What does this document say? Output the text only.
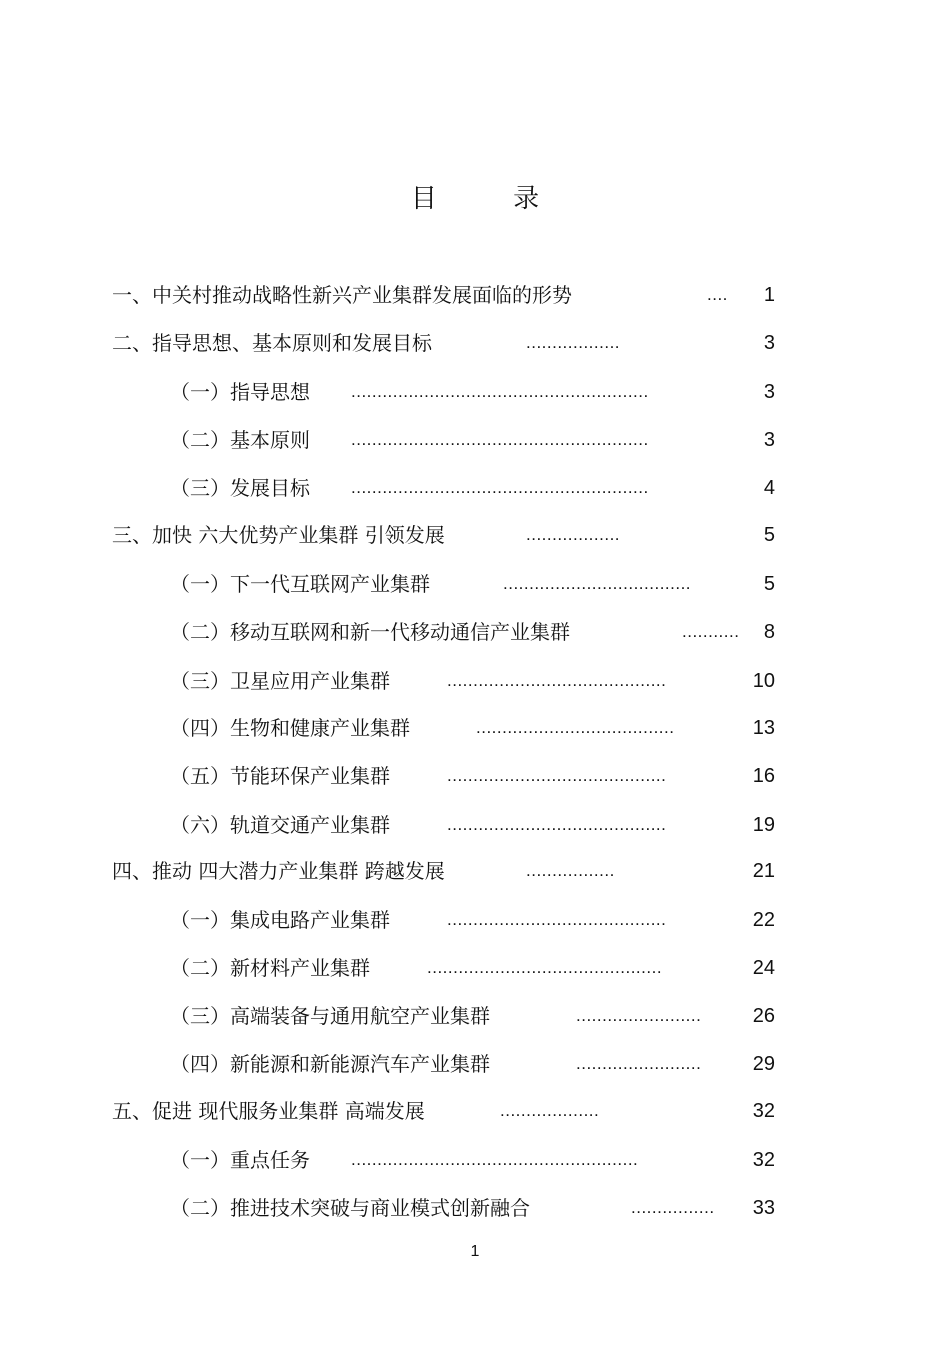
目 录
一、中关村推动战略性新兴产业集群发展面临的形势	.... 1
二、指导思想、基本原则和发展目标	..................	3
（一）指导思想 .........................................................	3
（二）基本原则 .........................................................	3
（三）发展目标 .........................................................	4
三、加快 六大优势产业集群 引领发展	..................	5
（一）下一代互联网产业集群	....................................	5
（二）移动互联网和新一代移动通信产业集群	........... 8
（三）卫星应用产业集群	..........................................	10
（四）生物和健康产业集群	......................................	13
（五）节能环保产业集群	..........................................	16
（六）轨道交通产业集群	..........................................	19
四、推动 四大潜力产业集群 跨越发展	.................	21
（一）集成电路产业集群	..........................................	22
（二）新材料产业集群	.............................................	24
（三）高端装备与通用航空产业集群	........................	26
（四）新能源和新能源汽车产业集群	........................	29
五、促进 现代服务业集群 高端发展	...................	32
（一）重点任务 .......................................................	32
（二）推进技术突破与商业模式创新融合	................ 33
1
